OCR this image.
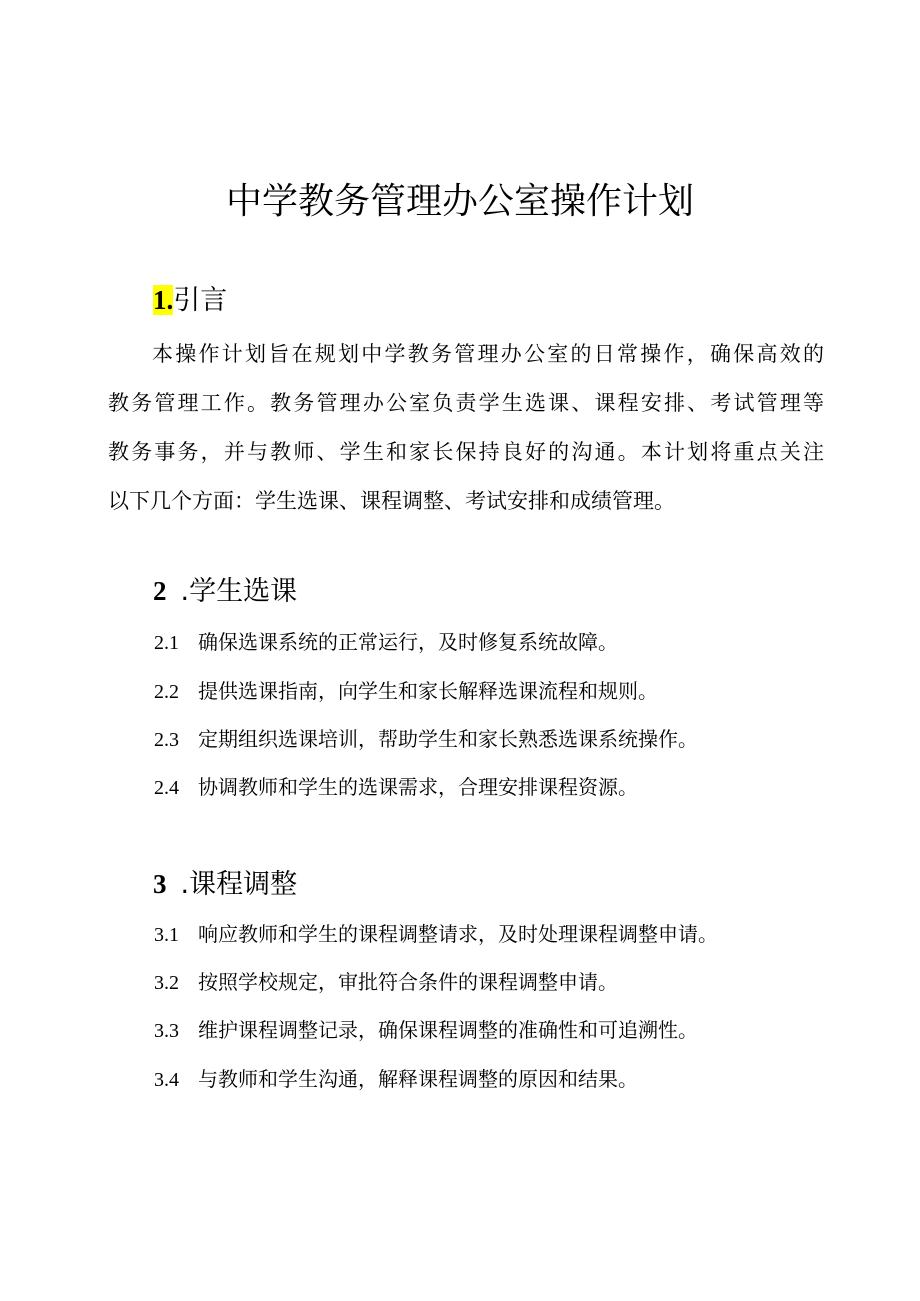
中学教务管理办公室操作计划
1.引言
本操作计划旨在规划中学教务管理办公室的日常操作，确保高效的
教务管理工作。教务管理办公室负责学生选课、课程安排、考试管理等
教务事务，并与教师、学生和家长保持良好的沟通。本计划将重点关注
以下几个方面：学生选课、课程调整、考试安排和成绩管理。
2 .学生选课
2.1 确保选课系统的正常运行，及时修复系统故障。
2.2 提供选课指南，向学生和家长解释选课流程和规则。
2.3 定期组织选课培训，帮助学生和家长熟悉选课系统操作。
2.4 协调教师和学生的选课需求，合理安排课程资源。
3 .课程调整
3.1 响应教师和学生的课程调整请求，及时处理课程调整申请。
3.2 按照学校规定，审批符合条件的课程调整申请。
3.3 维护课程调整记录，确保课程调整的准确性和可追溯性。
3.4 与教师和学生沟通，解释课程调整的原因和结果。
